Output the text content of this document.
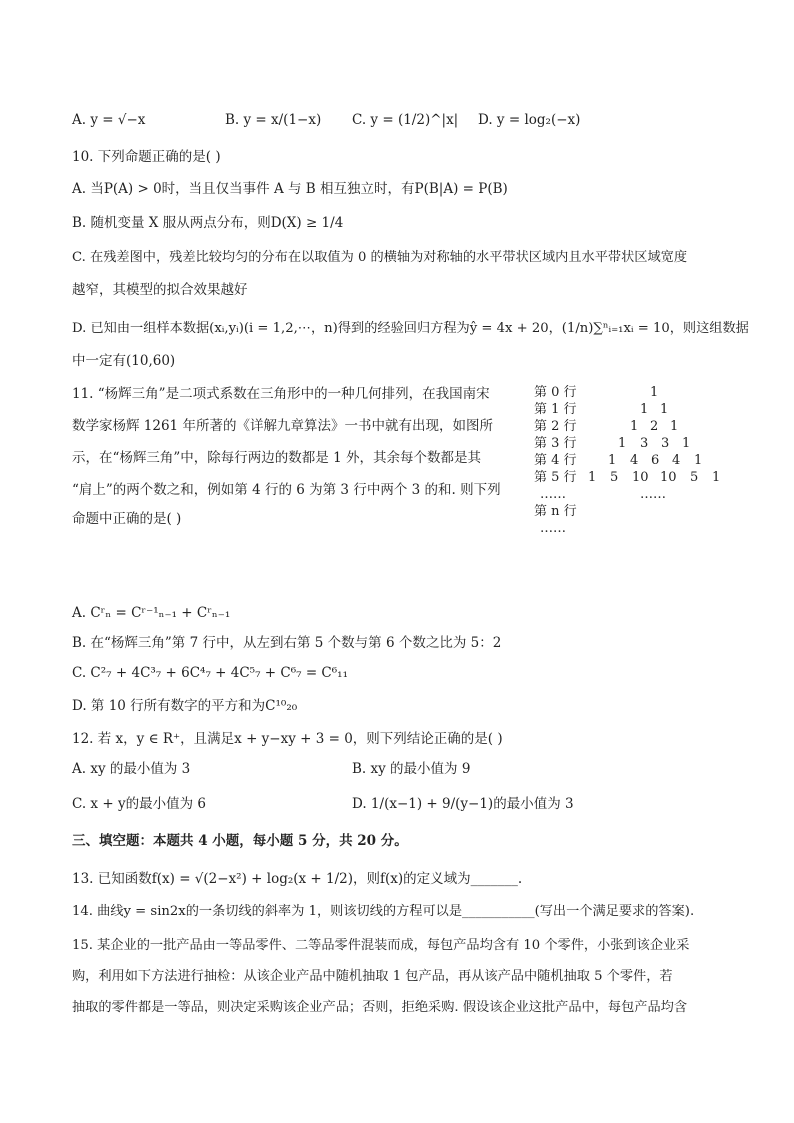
A. y = √−x	B. y = x/(1−x) C. y = (1/2)^|x| D. y = log₂(−x)
10. 下列命题正确的是( )
A. 当P(A) > 0时，当且仅当事件 A 与 B 相互独立时，有P(B|A) = P(B)
B. 随机变量 X 服从两点分布，则D(X) ≥ 1/4
C. 在残差图中，残差比较均匀的分布在以取值为 0 的横轴为对称轴的水平带状区域内且水平带状区域宽度
越窄，其模型的拟合效果越好
D. 已知由一组样本数据(xᵢ,yᵢ)(i = 1,2,⋯，n)得到的经验回归方程为ŷ = 4x + 20，(1/n)∑ⁿᵢ₌₁xᵢ = 10，则这组数据
中一定有(10,60)
11. “杨辉三角”是二项式系数在三角形中的一种几何排列，在我国南宋
数学家杨辉 1261 年所著的《详解九章算法》一书中就有出现，如图所
示，在“杨辉三角”中，除每行两边的数都是 1 外，其余每个数都是其
“肩上”的两个数之和，例如第 4 行的 6 为第 3 行中两个 3 的和. 则下列
命题中正确的是( )
第 0 行	1
第 1 行	1 1
第 2 行	1 2 1
第 3 行	1 3 3 1
第 4 行 1 4 6 4 1
第 5 行 1 5 10 10 5 1
……	……
第 n 行
……
A. Cʳₙ = Cʳ⁻¹ₙ₋₁ + Cʳₙ₋₁
B. 在“杨辉三角”第 7 行中，从左到右第 5 个数与第 6 个数之比为 5：2
C. C²₇ + 4C³₇ + 6C⁴₇ + 4C⁵₇ + C⁶₇ = C⁶₁₁
D. 第 10 行所有数字的平方和为C¹⁰₂₀
12. 若 x，y ∈ R⁺，且满足x + y−xy + 3 = 0，则下列结论正确的是( )
A. xy 的最小值为 3	B. xy 的最小值为 9
C. x + y的最小值为 6	D. 1/(x−1) + 9/(y−1)的最小值为 3
三、填空题：本题共 4 小题，每小题 5 分，共 20 分。
13. 已知函数f(x) = √(2−x²) + log₂(x + 1/2)，则f(x)的定义域为_______.
14. 曲线y = sin2x的一条切线的斜率为 1，则该切线的方程可以是___________(写出一个满足要求的答案).
15. 某企业的一批产品由一等品零件、二等品零件混装而成，每包产品均含有 10 个零件，小张到该企业采
购，利用如下方法进行抽检：从该企业产品中随机抽取 1 包产品，再从该产品中随机抽取 5 个零件，若
抽取的零件都是一等品，则决定采购该企业产品；否则，拒绝采购. 假设该企业这批产品中，每包产品均含
